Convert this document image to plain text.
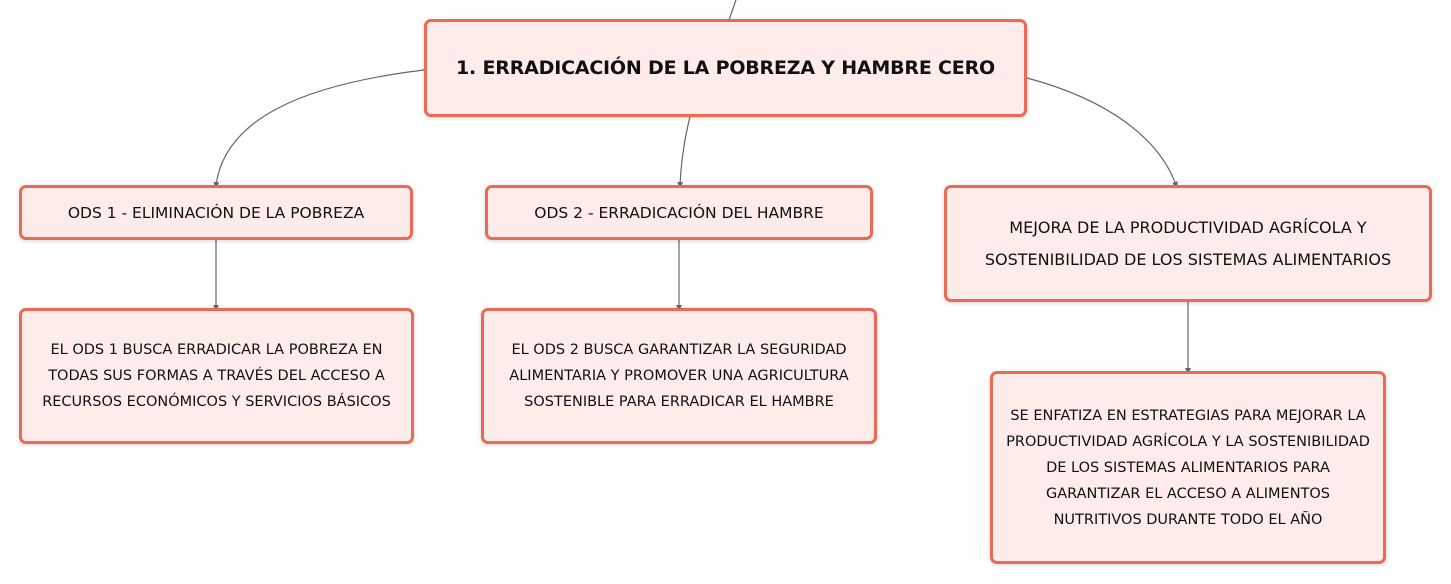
1. ERRADICACIÓN DE LA POBREZA Y HAMBRE CERO
ODS 1 - ELIMINACIÓN DE LA POBREZA	ODS 2 - ERRADICACIÓN DEL HAMBRE
MEJORA DE LA PRODUCTIVIDAD AGRÍCOLA Y SOSTENIBILIDAD DE LOS SISTEMAS ALIMENTARIOS
EL ODS 1 BUSCA ERRADICAR LA POBREZA EN TODAS SUS FORMAS A TRAVÉS DEL ACCESO A RECURSOS ECONÓMICOS Y SERVICIOS BÁSICOS
EL ODS 2 BUSCA GARANTIZAR LA SEGURIDAD ALIMENTARIA Y PROMOVER UNA AGRICULTURA SOSTENIBLE PARA ERRADICAR EL HAMBRE
SE ENFATIZA EN ESTRATEGIAS PARA MEJORAR LA PRODUCTIVIDAD AGRÍCOLA Y LA SOSTENIBILIDAD DE LOS SISTEMAS ALIMENTARIOS PARA GARANTIZAR EL ACCESO A ALIMENTOS NUTRITIVOS DURANTE TODO EL AÑO
